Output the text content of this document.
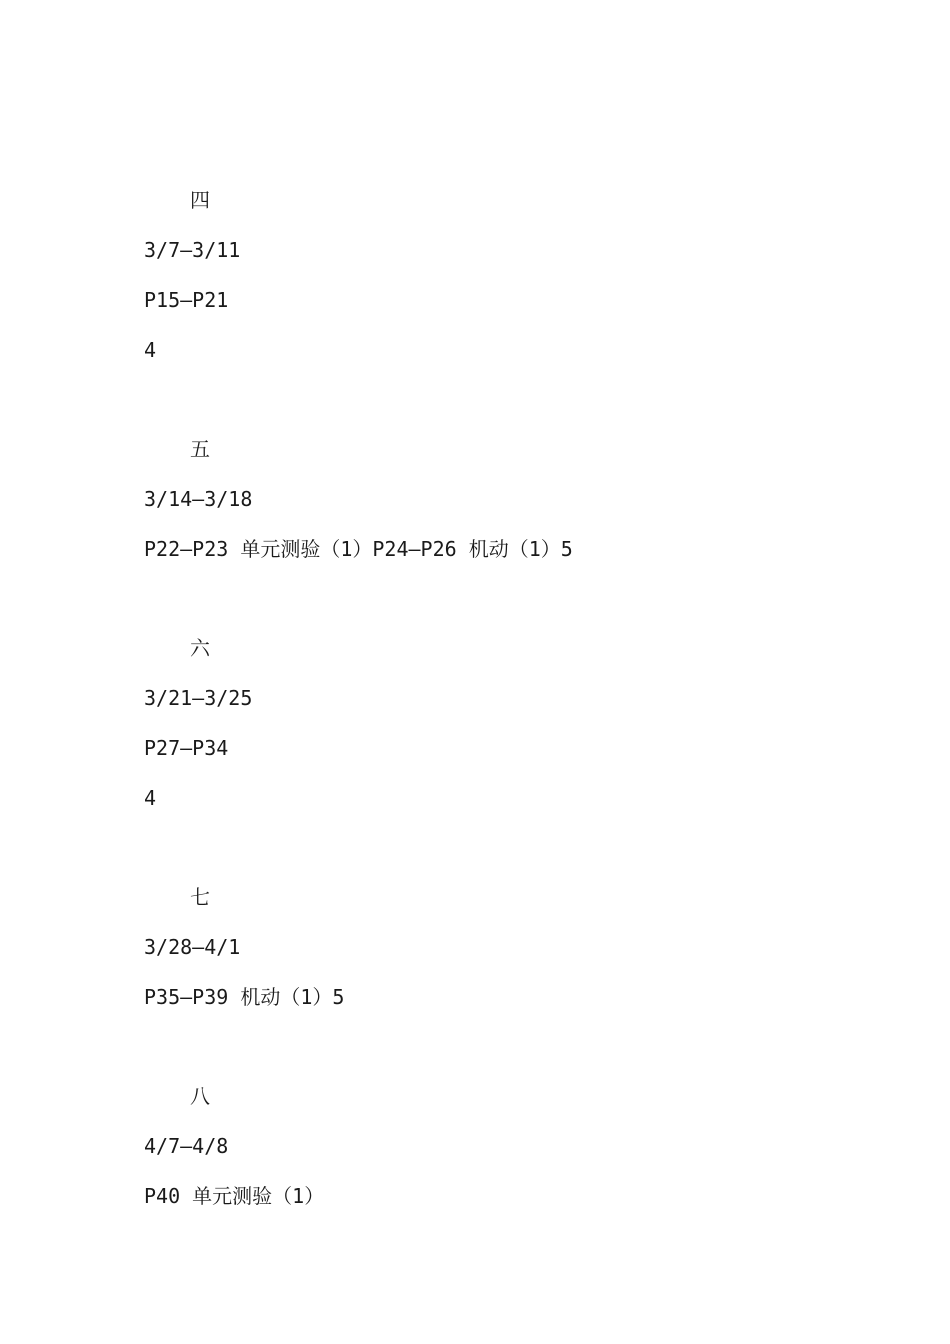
四
3/7—3/11
P15—P21
4
五
3/14—3/18
P22—P23 单元测验（1）P24—P26 机动（1）5
六
3/21—3/25
P27—P34
4
七
3/28—4/1
P35—P39 机动（1）5
八
4/7—4/8
P40 单元测验（1）
